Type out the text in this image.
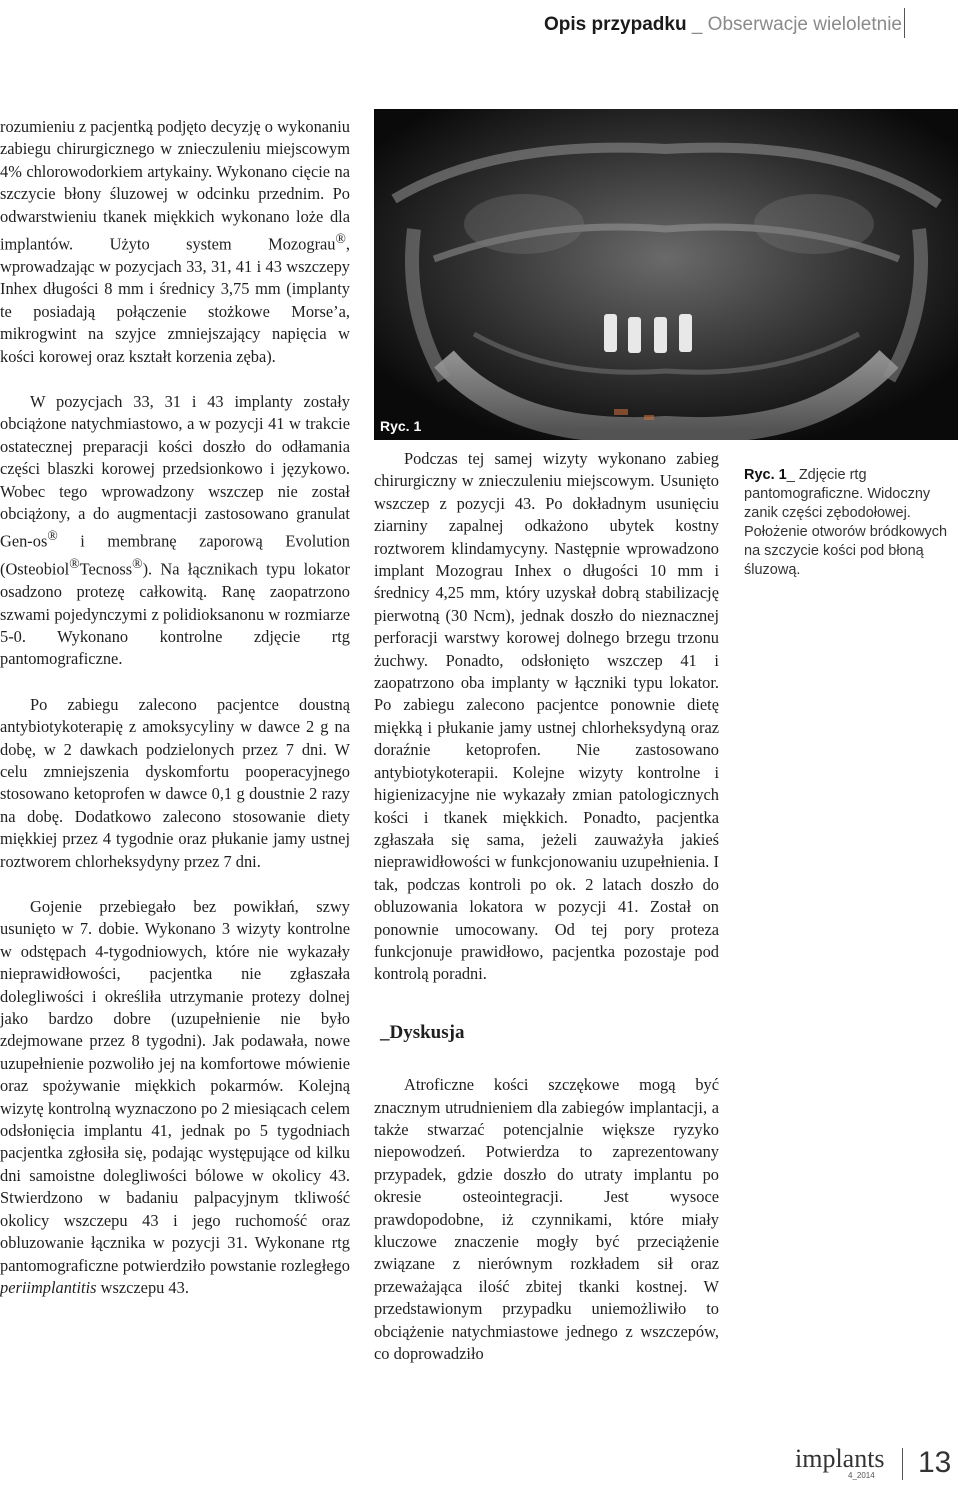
Opis przypadku _ Obserwacje wieloletnie

rozumieniu z pacjentką podjęto decyzję o wykonaniu zabiegu chirurgicznego w znieczuleniu miejscowym 4% chlorowodorkiem artykainy. Wykonano cięcie na szczycie błony śluzowej w odcinku przednim. Po odwarstwieniu tkanek miękkich wykonano loże dla implantów. Użyto system Mozograu®, wprowadzając w pozycjach 33, 31, 41 i 43 wszczepy Inhex długości 8 mm i średnicy 3,75 mm (implanty te posiadają połączenie stożkowe Morse’a, mikrogwint na szyjce zmniejszający napięcia w kości korowej oraz kształt korzenia zęba).

W pozycjach 33, 31 i 43 implanty zostały obciążone natychmiastowo, a w pozycji 41 w trakcie ostatecznej preparacji kości doszło do odłamania części blaszki korowej przedsionkowo i językowo. Wobec tego wprowadzony wszczep nie został obciążony, a do augmentacji zastosowano granulat Gen-os® i membranę zaporową Evolution (Osteobiol®Tecnoss®). Na łącznikach typu lokator osadzono protezę całkowitą. Ranę zaopatrzono szwami pojedynczymi z polidioksanonu w rozmiarze 5-0. Wykonano kontrolne zdjęcie rtg pantomograficzne.

Po zabiegu zalecono pacjentce doustną antybiotykoterapię z amoksycyliny w dawce 2 g na dobę, w 2 dawkach podzielonych przez 7 dni. W celu zmniejszenia dyskomfortu pooperacyjnego stosowano ketoprofen w dawce 0,1 g doustnie 2 razy na dobę. Dodatkowo zalecono stosowanie diety miękkiej przez 4 tygodnie oraz płukanie jamy ustnej roztworem chlorheksydyny przez 7 dni.

Gojenie przebiegało bez powikłań, szwy usunięto w 7. dobie. Wykonano 3 wizyty kontrolne w odstępach 4-tygodniowych, które nie wykazały nieprawidłowości, pacjentka nie zgłaszała dolegliwości i określiła utrzymanie protezy dolnej jako bardzo dobre (uzupełnienie nie było zdejmowane przez 8 tygodni). Jak podawała, nowe uzupełnienie pozwoliło jej na komfortowe mówienie oraz spożywanie miękkich pokarmów. Kolejną wizytę kontrolną wyznaczono po 2 miesiącach celem odsłonięcia implantu 41, jednak po 5 tygodniach pacjentka zgłosiła się, podając występujące od kilku dni samoistne dolegliwości bólowe w okolicy 43. Stwierdzono w badaniu palpacyjnym tkliwość okolicy wszczepu 43 i jego ruchomość oraz obluzowanie łącznika w pozycji 31. Wykonane rtg pantomograficzne potwierdziło powstanie rozległego periimplantitis wszczepu 43.

Ryc. 1

Podczas tej samej wizyty wykonano zabieg chirurgiczny w znieczuleniu miejscowym. Usunięto wszczep z pozycji 43. Po dokładnym usunięciu ziarniny zapalnej odkażono ubytek kostny roztworem klindamycyny. Następnie wprowadzono implant Mozograu Inhex o długości 10 mm i średnicy 4,25 mm, który uzyskał dobrą stabilizację pierwotną (30 Ncm), jednak doszło do nieznacznej perforacji warstwy korowej dolnego brzegu trzonu żuchwy. Ponadto, odsłonięto wszczep 41 i zaopatrzono oba implanty w łączniki typu lokator. Po zabiegu zalecono pacjentce ponownie dietę miękką i płukanie jamy ustnej chlorheksydyną oraz doraźnie ketoprofen. Nie zastosowano antybiotykoterapii. Kolejne wizyty kontrolne i higienizacyjne nie wykazały zmian patologicznych kości i tkanek miękkich. Ponadto, pacjentka zgłaszała się sama, jeżeli zauważyła jakieś nieprawidłowości w funkcjonowaniu uzupełnienia. I tak, podczas kontroli po ok. 2 latach doszło do obluzowania lokatora w pozycji 41. Został on ponownie umocowany. Od tej pory proteza funkcjonuje prawidłowo, pacjentka pozostaje pod kontrolą poradni.

_Dyskusja

Atroficzne kości szczękowe mogą być znacznym utrudnieniem dla zabiegów implantacji, a także stwarzać potencjalnie większe ryzyko niepowodzeń. Potwierdza to zaprezentowany przypadek, gdzie doszło do utraty implantu po okresie osteointegracji. Jest wysoce prawdopodobne, iż czynnikami, które miały kluczowe znaczenie mogły być przeciążenie związane z nierównym rozkładem sił oraz przeważająca ilość zbitej tkanki kostnej. W przedstawionym przypadku uniemożliwiło to obciążenie natychmiastowe jednego z wszczepów, co doprowadziło

Ryc. 1_ Zdjęcie rtg pantomograficzne. Widoczny zanik części zębodołowej. Położenie otworów bródkowych na szczycie kości pod błoną śluzową.
implants
4_2014 13
